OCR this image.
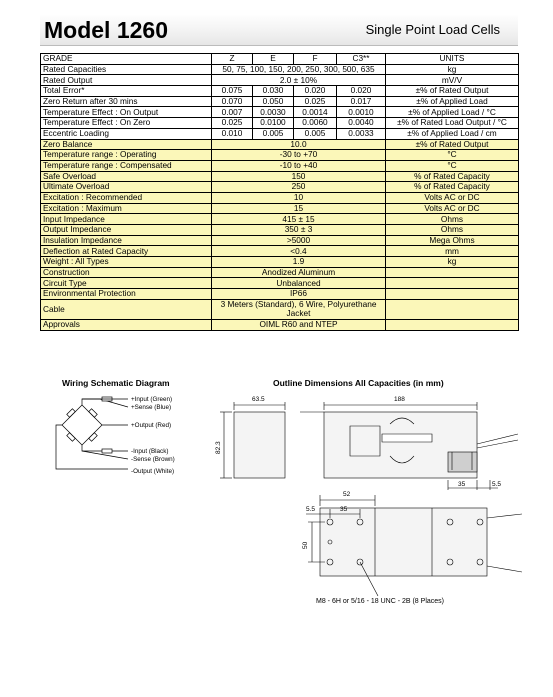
Model 1260	Single Point Load Cells
GRADE	Z	E	F	C3**	UNITS
Rated Capacities	50, 75, 100, 150, 200, 250, 300, 500, 635				kg
Rated Output	2.0 ± 10%				mV/V
Total Error*	0.075	0.030	0.020	0.020	±% of Rated Output
Zero Return after 30 mins	0.070	0.050	0.025	0.017	±% of Applied Load
Temperature Effect : On Output	0.007	0.0030	0.0014	0.0010	±% of Applied Load / °C
Temperature Effect : On Zero	0.025	0.0100	0.0060	0.0040	±% of Rated Load Output / °C
Eccentric Loading	0.010	0.005	0.005	0.0033	±% of Applied Load / cm
Zero Balance	10.0				±% of Rated Output
Temperature range : Operating	-30 to +70				°C
Temperature range : Compensated	-10 to +40				°C
Safe Overload	150				% of Rated Capacity
Ultimate Overload	250				% of Rated Capacity
Excitation : Recommended	10				Volts AC or DC
Excitation : Maximum	15				Volts AC or DC
Input Impedance	415 ± 15				Ohms
Output Impedance	350 ± 3				Ohms
Insulation Impedance	>5000				Mega Ohms
Deflection at Rated Capacity	<0.4				mm
Weight : All Types	1.9				kg
Construction	Anodized Aluminum				
Circuit Type	Unbalanced				
Environmental Protection	IP66				
Cable	3 Meters (Standard), 6 Wire, Polyurethane Jacket				
Approvals	OIML R60 and NTEP				
Wiring Schematic Diagram
+Input (Green)
+Sense (Blue)
+Output (Red)
-Input (Black)
-Sense (Brown)
-Output (White)
Outline Dimensions All Capacities (in mm)
63.5
82.3
188
35	5.5
52
5.5	35
50
M8 - 6H or 5/16 - 18 UNC - 2B (8 Places)
